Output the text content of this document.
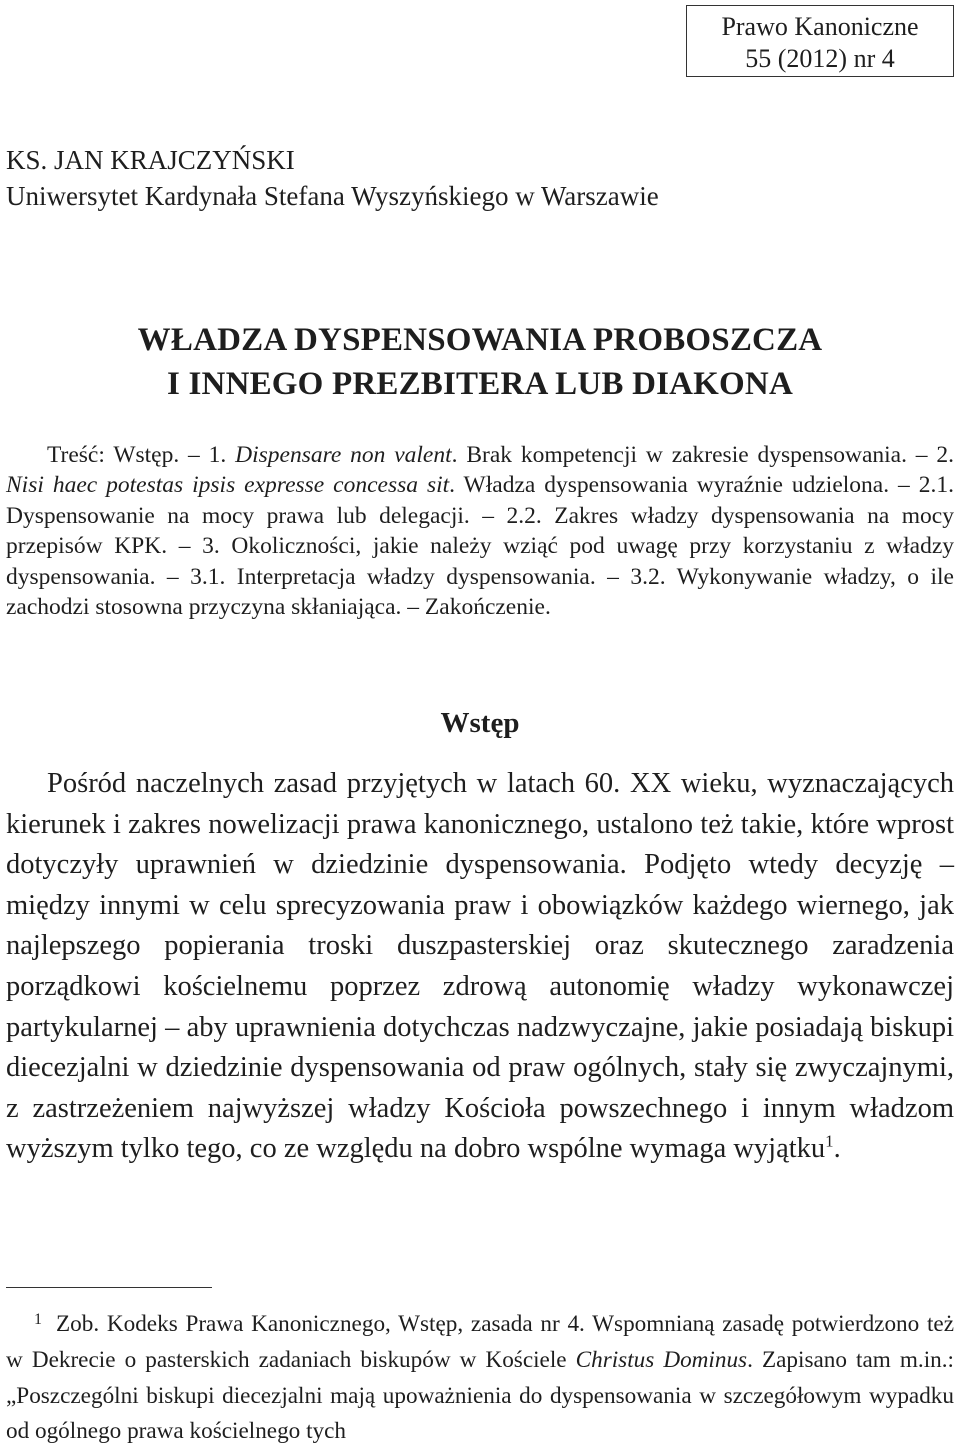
Prawo Kanoniczne
55 (2012) nr 4
KS. JAN KRAJCZYŃSKI
Uniwersytet Kardynała Stefana Wyszyńskiego w Warszawie
WŁADZA DYSPENSOWANIA PROBOSZCZA
I INNEGO PREZBITERA LUB DIAKONA
Treść: Wstęp. – 1. Dispensare non valent. Brak kompetencji w zakresie dyspensowania. – 2. Nisi haec potestas ipsis expresse concessa sit. Władza dyspensowania wyraźnie udzielona. – 2.1. Dyspensowanie na mocy prawa lub delegacji. – 2.2. Zakres władzy dyspensowania na mocy przepisów KPK. – 3. Okoliczności, jakie należy wziąć pod uwagę przy korzystaniu z władzy dyspensowania. – 3.1. Interpretacja władzy dyspensowania. – 3.2. Wykonywanie władzy, o ile zachodzi stosowna przyczyna skłaniająca. – Zakończenie.
Wstęp

Pośród naczelnych zasad przyjętych w latach 60. XX wieku, wyznaczających kierunek i zakres nowelizacji prawa kanonicznego, ustalono też takie, które wprost dotyczyły uprawnień w dziedzinie dyspensowania. Podjęto wtedy decyzję – między innymi w celu sprecyzowania praw i obowiązków każdego wiernego, jak najlepszego popierania troski duszpasterskiej oraz skutecznego zaradzenia porządkowi kościelnemu poprzez zdrową autonomię władzy wykonawczej partykularnej – aby uprawnienia dotychczas nadzwyczajne, jakie posiadają biskupi diecezjalni w dziedzinie dyspensowania od praw ogólnych, stały się zwyczajnymi, z zastrzeżeniem najwyższej władzy Kościoła powszechnego i innym władzom wyższym tylko tego, co ze względu na dobro wspólne wymaga wyjątku$^1$.

$^1$ Zob. Kodeks Prawa Kanonicznego, Wstęp, zasada nr 4. Wspomnianą zasadę potwierdzono też w Dekrecie o pasterskich zadaniach biskupów w Kościele Christus Dominus. Zapisano tam m.in.: „Poszczególni biskupi diecezjalni mają upoważnienia do dyspensowania w szczegółowym wypadku od ogólnego prawa kościelnego tych
